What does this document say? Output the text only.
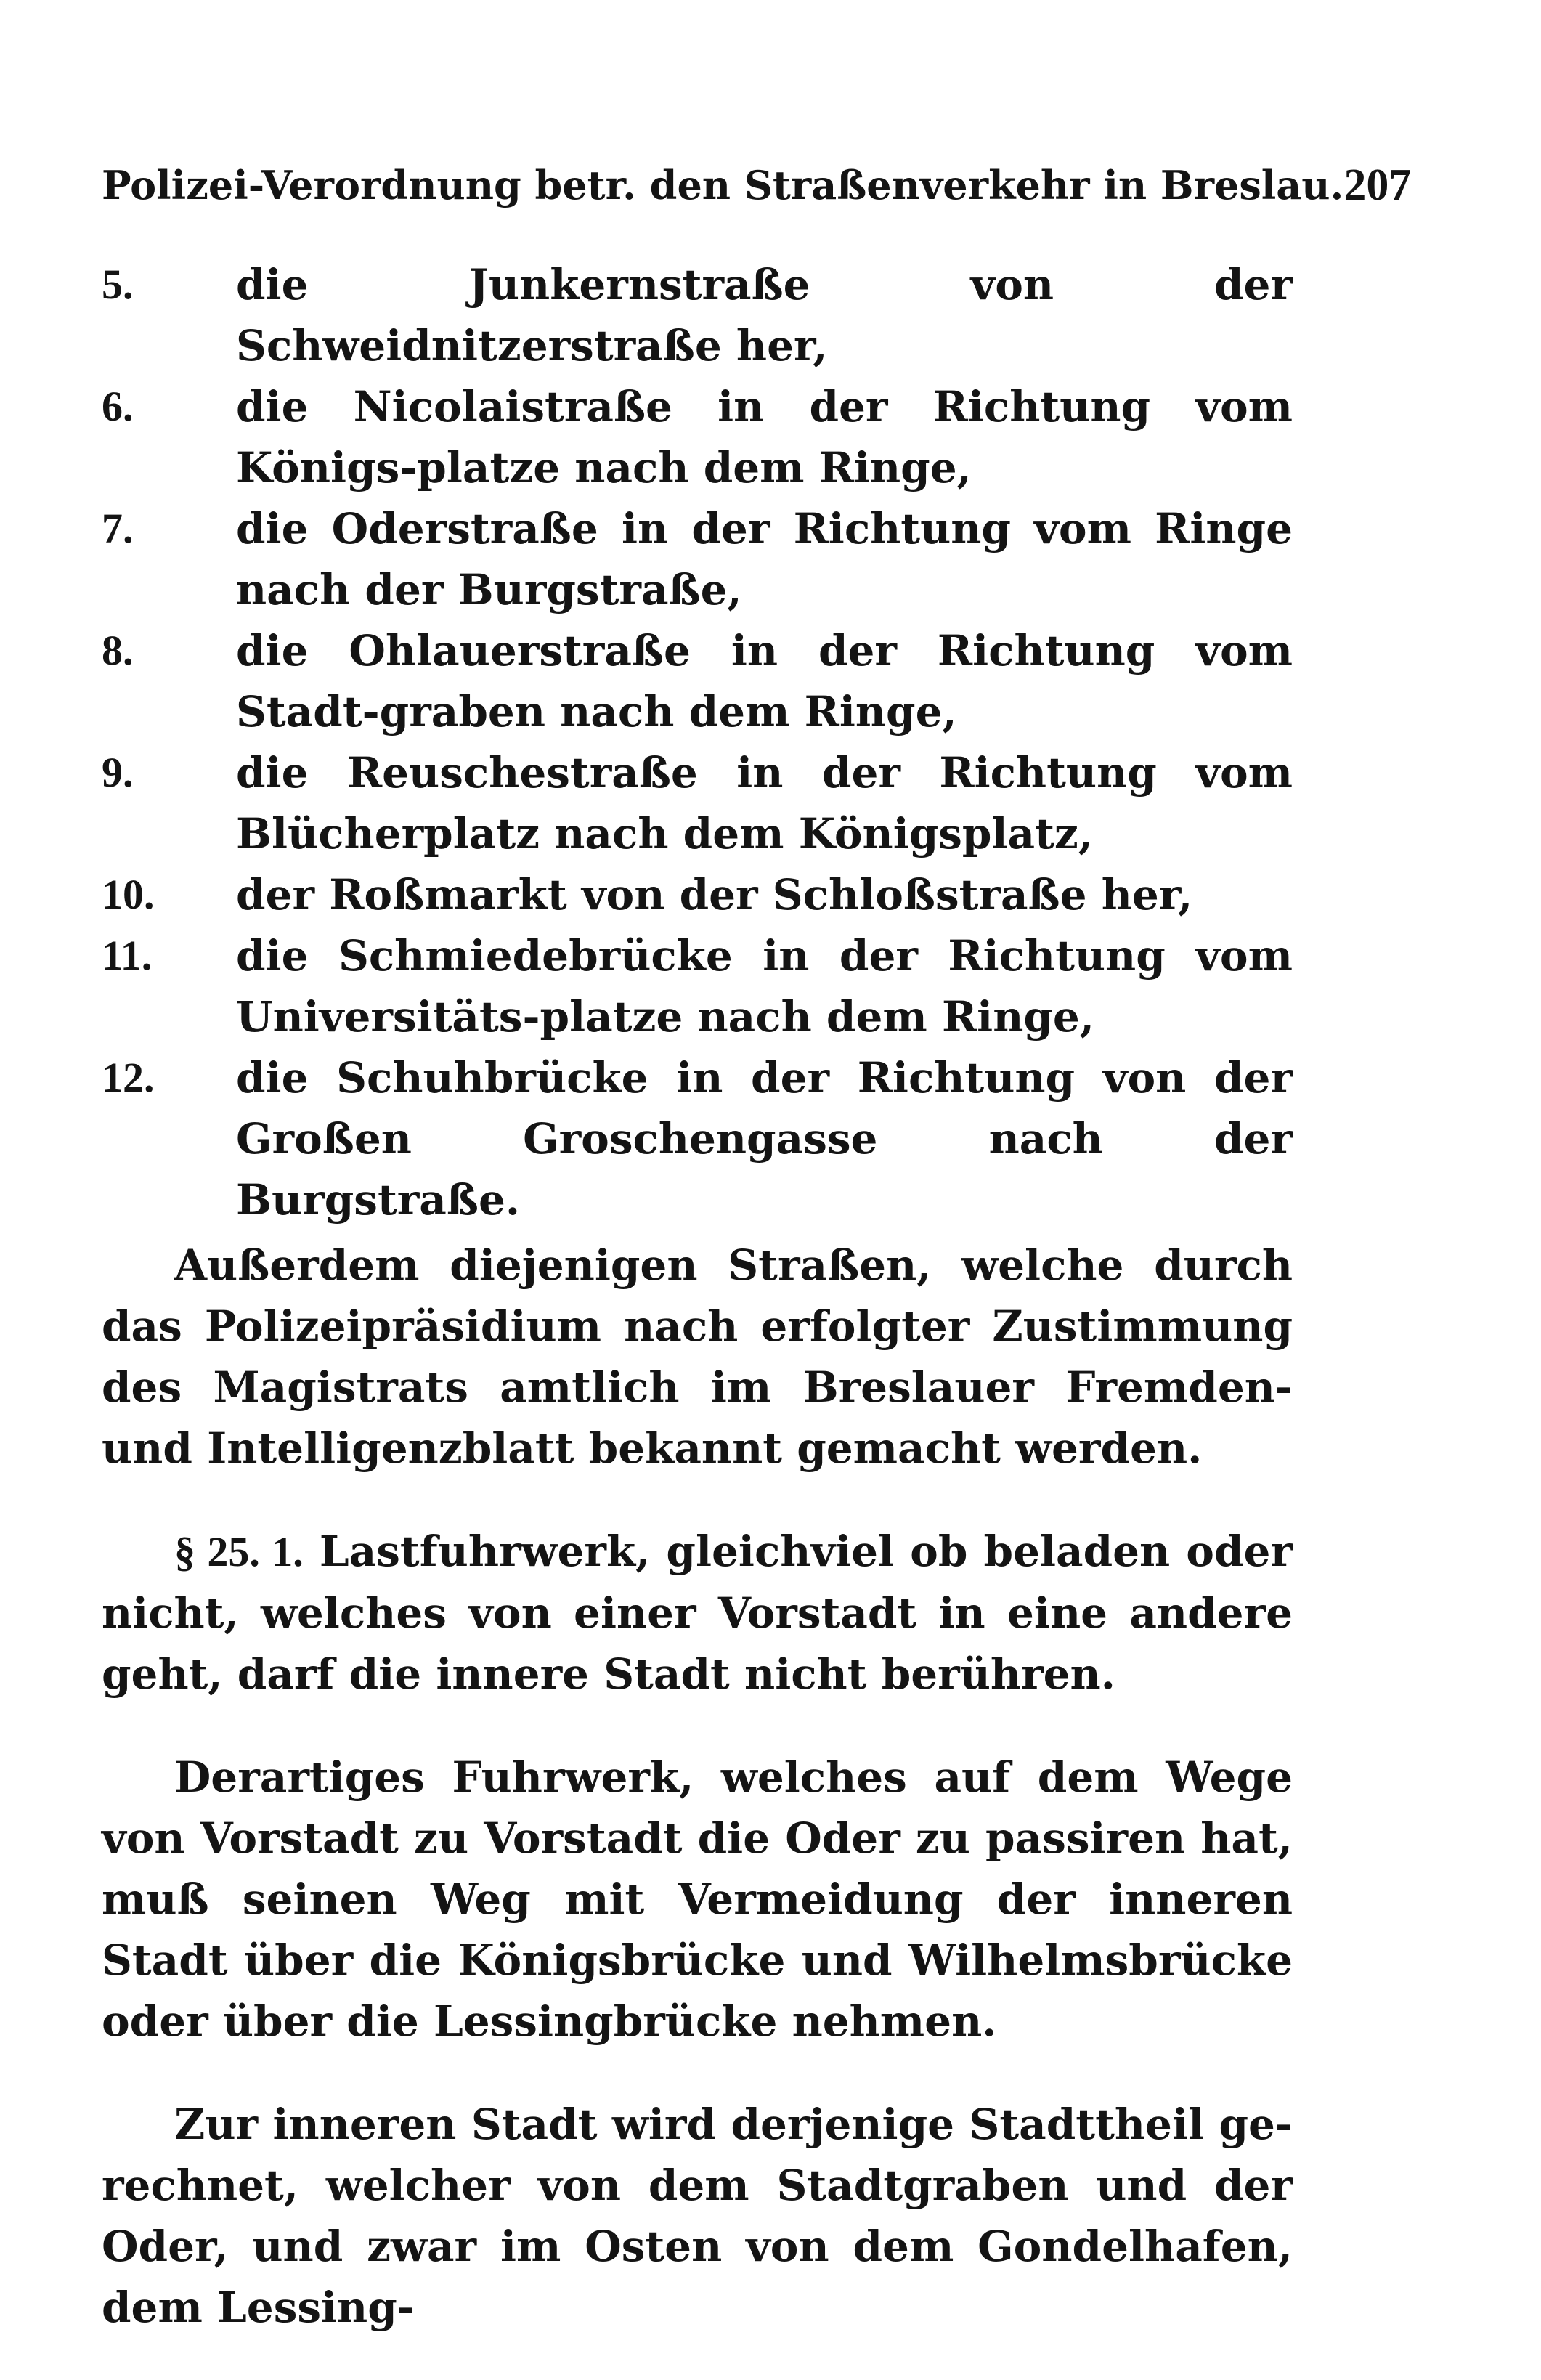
Polizei-Verordnung betr. den Straßenverkehr in Breslau. 207
5.	die Junkernstraße von der Schweidnitzerstraße her,
6.	die Nicolaistraße in der Richtung vom Königs-platze nach dem Ringe,
7.	die Oderstraße in der Richtung vom Ringe nach der Burgstraße,
8.	die Ohlauerstraße in der Richtung vom Stadt-graben nach dem Ringe,
9.	die Reuschestraße in der Richtung vom Blücherplatz nach dem Königsplatz,
10.	der Roßmarkt von der Schloßstraße her,
11.	die Schmiedebrücke in der Richtung vom Universitäts-platze nach dem Ringe,
12.	die Schuhbrücke in der Richtung von der Großen Groschengasse nach der Burgstraße.

Außerdem diejenigen Straßen, welche durch das Polizeipräsidium nach erfolgter Zustimmung des Magistrats amtlich im Breslauer Fremden- und Intelligenzblatt bekannt gemacht werden.

§ 25. 1. Lastfuhrwerk, gleichviel ob beladen oder nicht, welches von einer Vorstadt in eine andere geht, darf die innere Stadt nicht berühren.

Derartiges Fuhrwerk, welches auf dem Wege von Vorstadt zu Vorstadt die Oder zu passiren hat, muß seinen Weg mit Vermeidung der inneren Stadt über die Königsbrücke und Wilhelmsbrücke oder über die Lessingbrücke nehmen.

Zur inneren Stadt wird derjenige Stadttheil ge-rechnet, welcher von dem Stadtgraben und der Oder, und zwar im Osten von dem Gondelhafen, dem Lessing-
